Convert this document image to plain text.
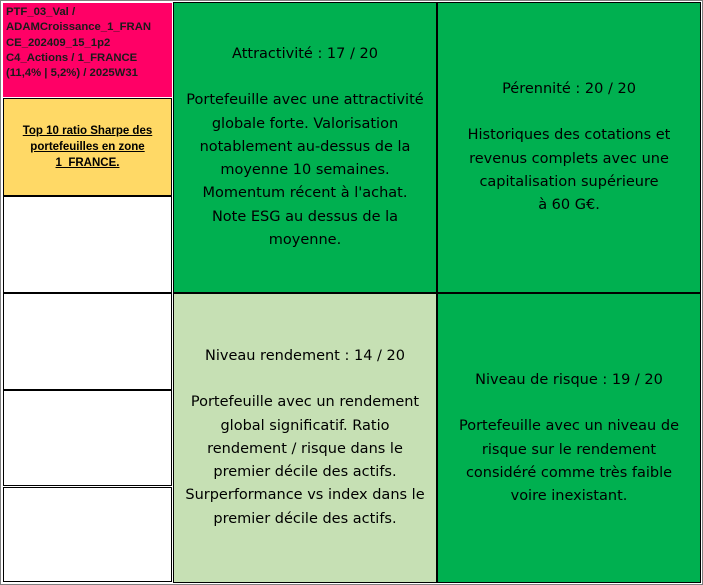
PTF_03_Val /
ADAMCroissance_1_FRAN
CE_202409_15_1p2
C4_Actions / 1_FRANCE
(11,4% | 5,2%) / 2025W31
Top 10 ratio Sharpe des portefeuilles en zone 1_FRANCE.

Attractivité : 17 / 20

Portefeuille avec une attractivité

globale forte. Valorisation

notablement au-dessus de la

moyenne 10 semaines.

Momentum récent à l'achat.

Note ESG au dessus de la

moyenne.

Pérennité : 20 / 20

Historiques des cotations et

revenus complets avec une

capitalisation supérieure

à 60 G€.

Niveau rendement : 14 / 20

Portefeuille avec un rendement

global significatif. Ratio

rendement / risque dans le

premier décile des actifs.

Surperformance vs index dans le

premier décile des actifs.

Niveau de risque : 19 / 20

Portefeuille avec un niveau de

risque sur le rendement

considéré comme très faible

voire inexistant.
